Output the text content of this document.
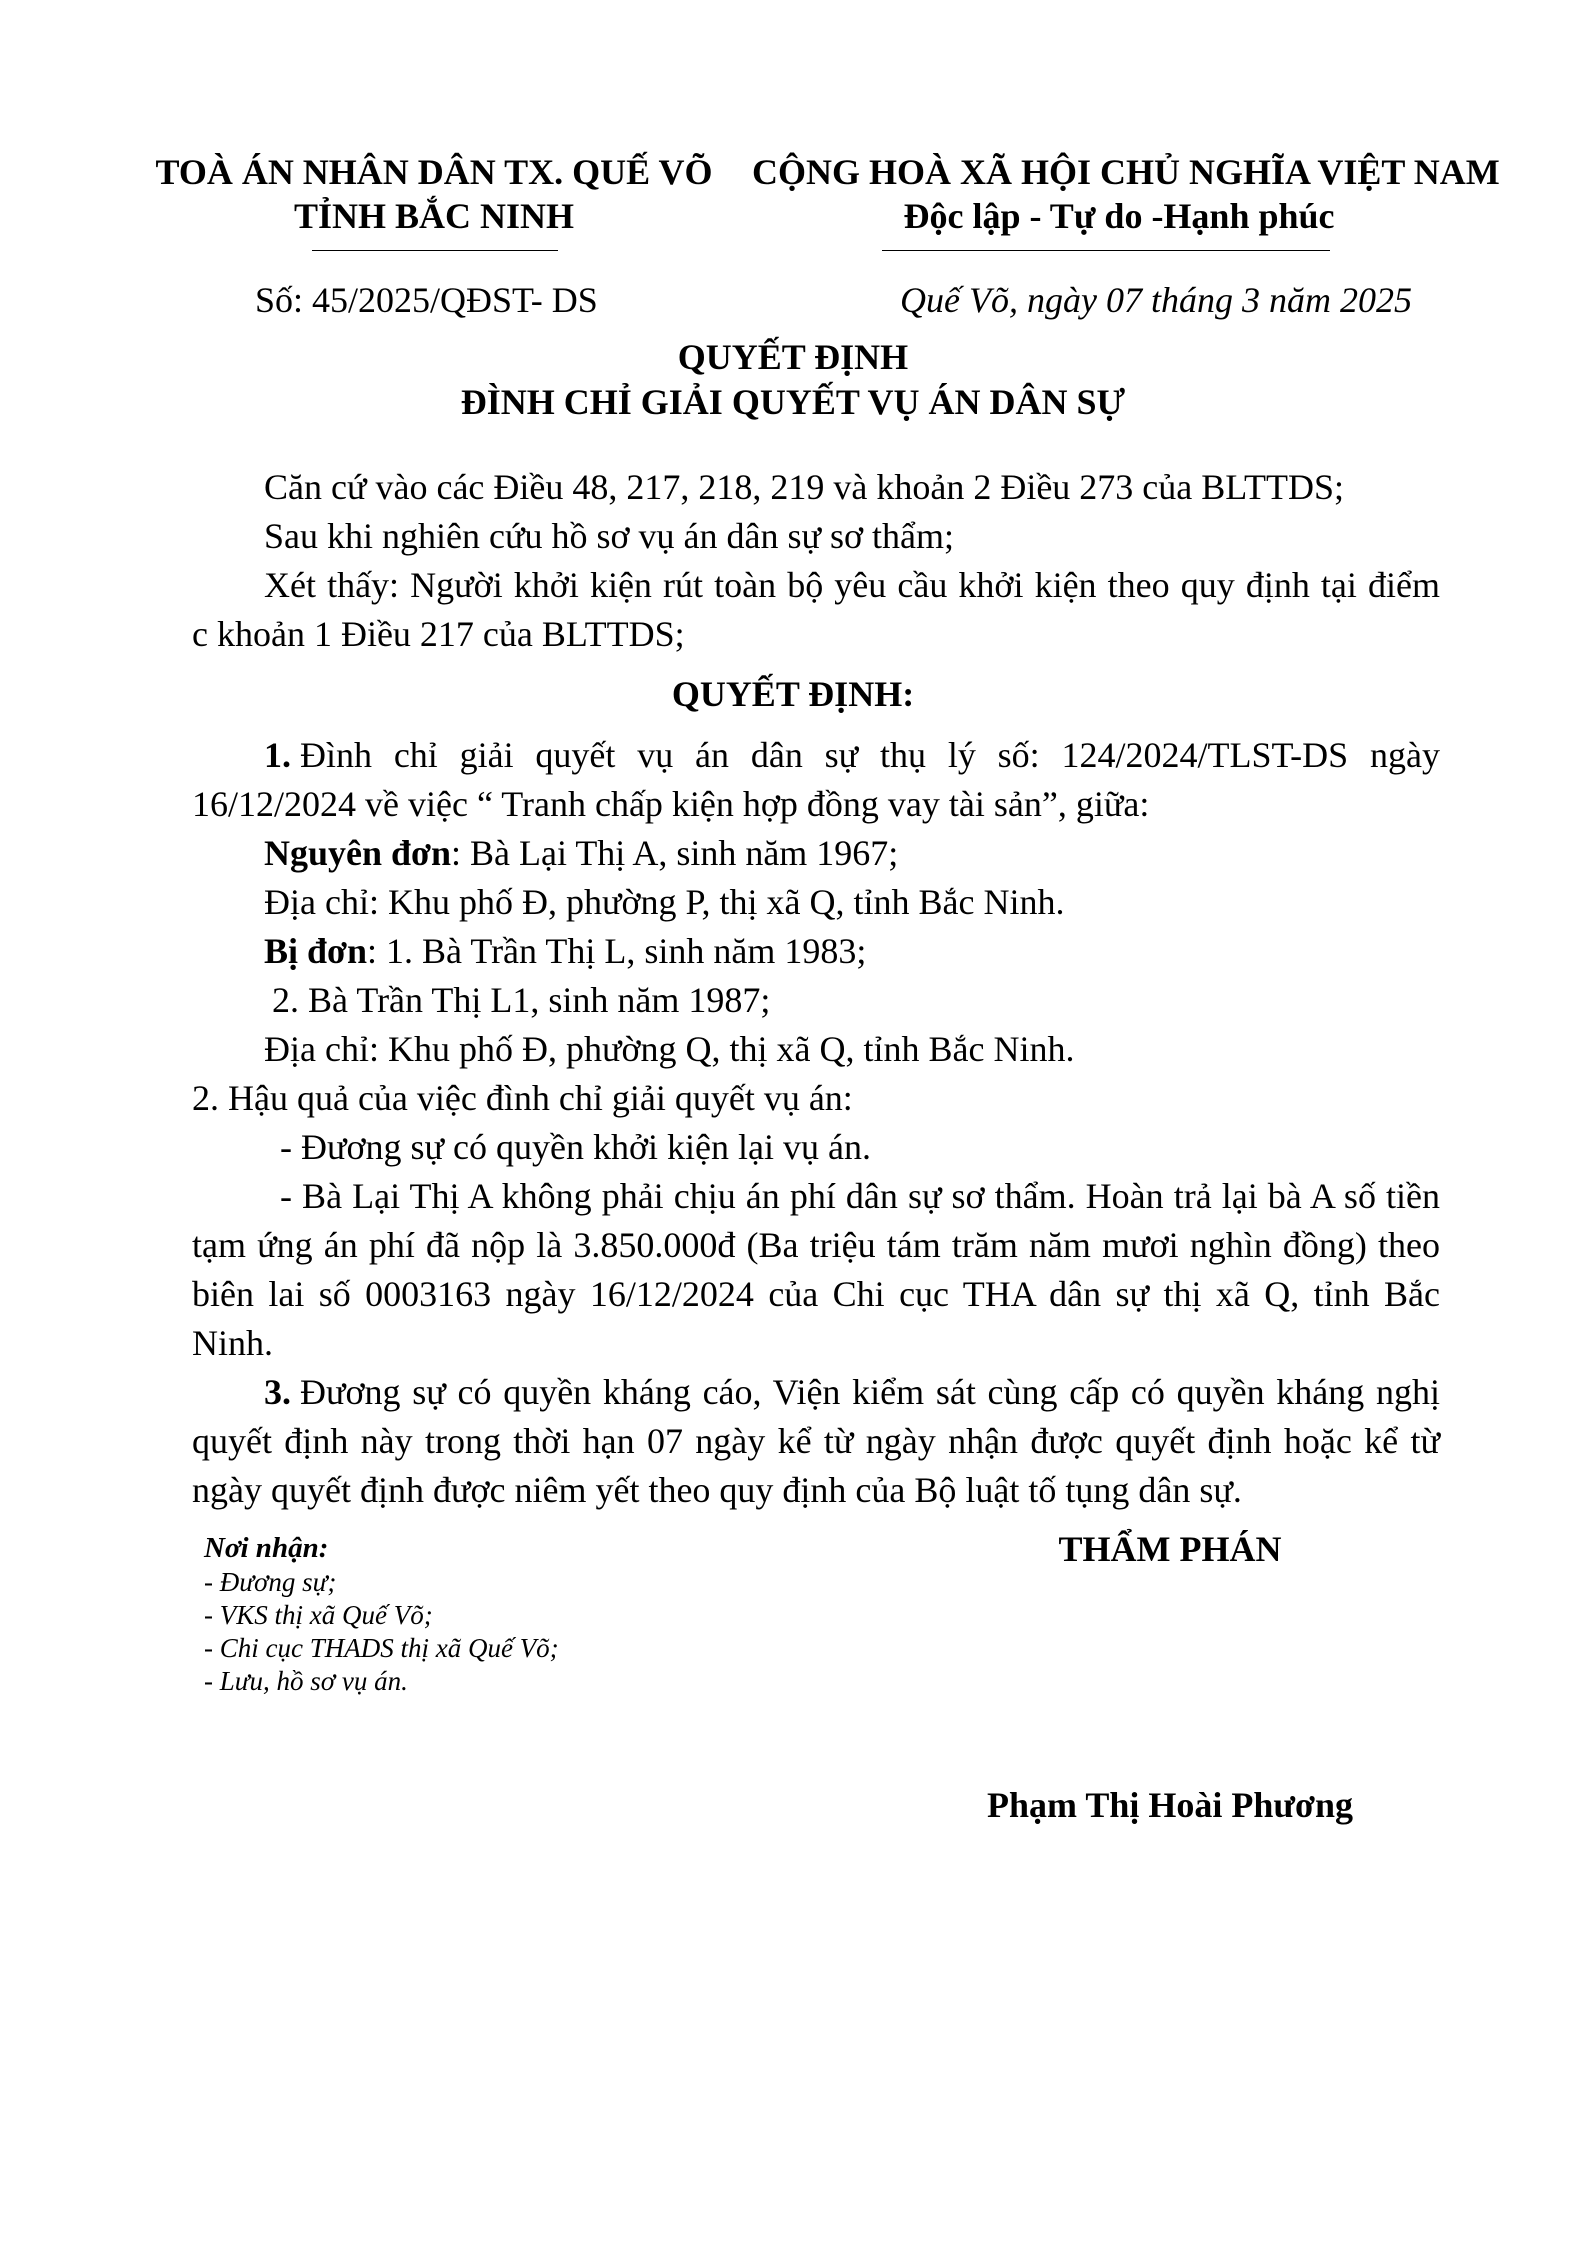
TOÀ ÁN NHÂN DÂN TX. QUẾ VÕ
TỈNH BẮC NINH
CỘNG HOÀ XÃ HỘI CHỦ NGHĨA VIỆT NAM
Độc lập - Tự do -Hạnh phúc
Số: 45/2025/QĐST- DS	Quế Võ, ngày 07 tháng 3 năm 2025
QUYẾT ĐỊNH
ĐÌNH CHỈ GIẢI QUYẾT VỤ ÁN DÂN SỰ
Căn cứ vào các Điều 48, 217, 218, 219 và khoản 2 Điều 273 của BLTTDS;
Sau khi nghiên cứu hồ sơ vụ án dân sự sơ thẩm;
Xét thấy: Người khởi kiện rút toàn bộ yêu cầu khởi kiện theo quy định tại điểm
c khoản 1 Điều 217 của BLTTDS;
QUYẾT ĐỊNH:
1. Đình chỉ giải quyết vụ án dân sự thụ lý số: 124/2024/TLST-DS ngày
16/12/2024 về việc “ Tranh chấp kiện hợp đồng vay tài sản”, giữa:
Nguyên đơn: Bà Lại Thị A, sinh năm 1967;
Địa chỉ: Khu phố Đ, phường P, thị xã Q, tỉnh Bắc Ninh.
Bị đơn: 1. Bà Trần Thị L, sinh năm 1983;
2. Bà Trần Thị L1, sinh năm 1987;
Địa chỉ: Khu phố Đ, phường Q, thị xã Q, tỉnh Bắc Ninh.
2. Hậu quả của việc đình chỉ giải quyết vụ án:
- Đương sự có quyền khởi kiện lại vụ án.
- Bà Lại Thị A không phải chịu án phí dân sự sơ thẩm. Hoàn trả lại bà A số tiền
tạm ứng án phí đã nộp là 3.850.000đ (Ba triệu tám trăm năm mươi nghìn đồng) theo
biên lai số 0003163 ngày 16/12/2024 của Chi cục THA dân sự thị xã Q, tỉnh Bắc
Ninh.
3. Đương sự có quyền kháng cáo, Viện kiểm sát cùng cấp có quyền kháng nghị
quyết định này trong thời hạn 07 ngày kể từ ngày nhận được quyết định hoặc kể từ
ngày quyết định được niêm yết theo quy định của Bộ luật tố tụng dân sự.
Nơi nhận:
- Đương sự;
- VKS thị xã Quế Võ;
- Chi cục THADS thị xã Quế Võ;
- Lưu, hồ sơ vụ án.
THẨM PHÁN
Phạm Thị Hoài Phương
